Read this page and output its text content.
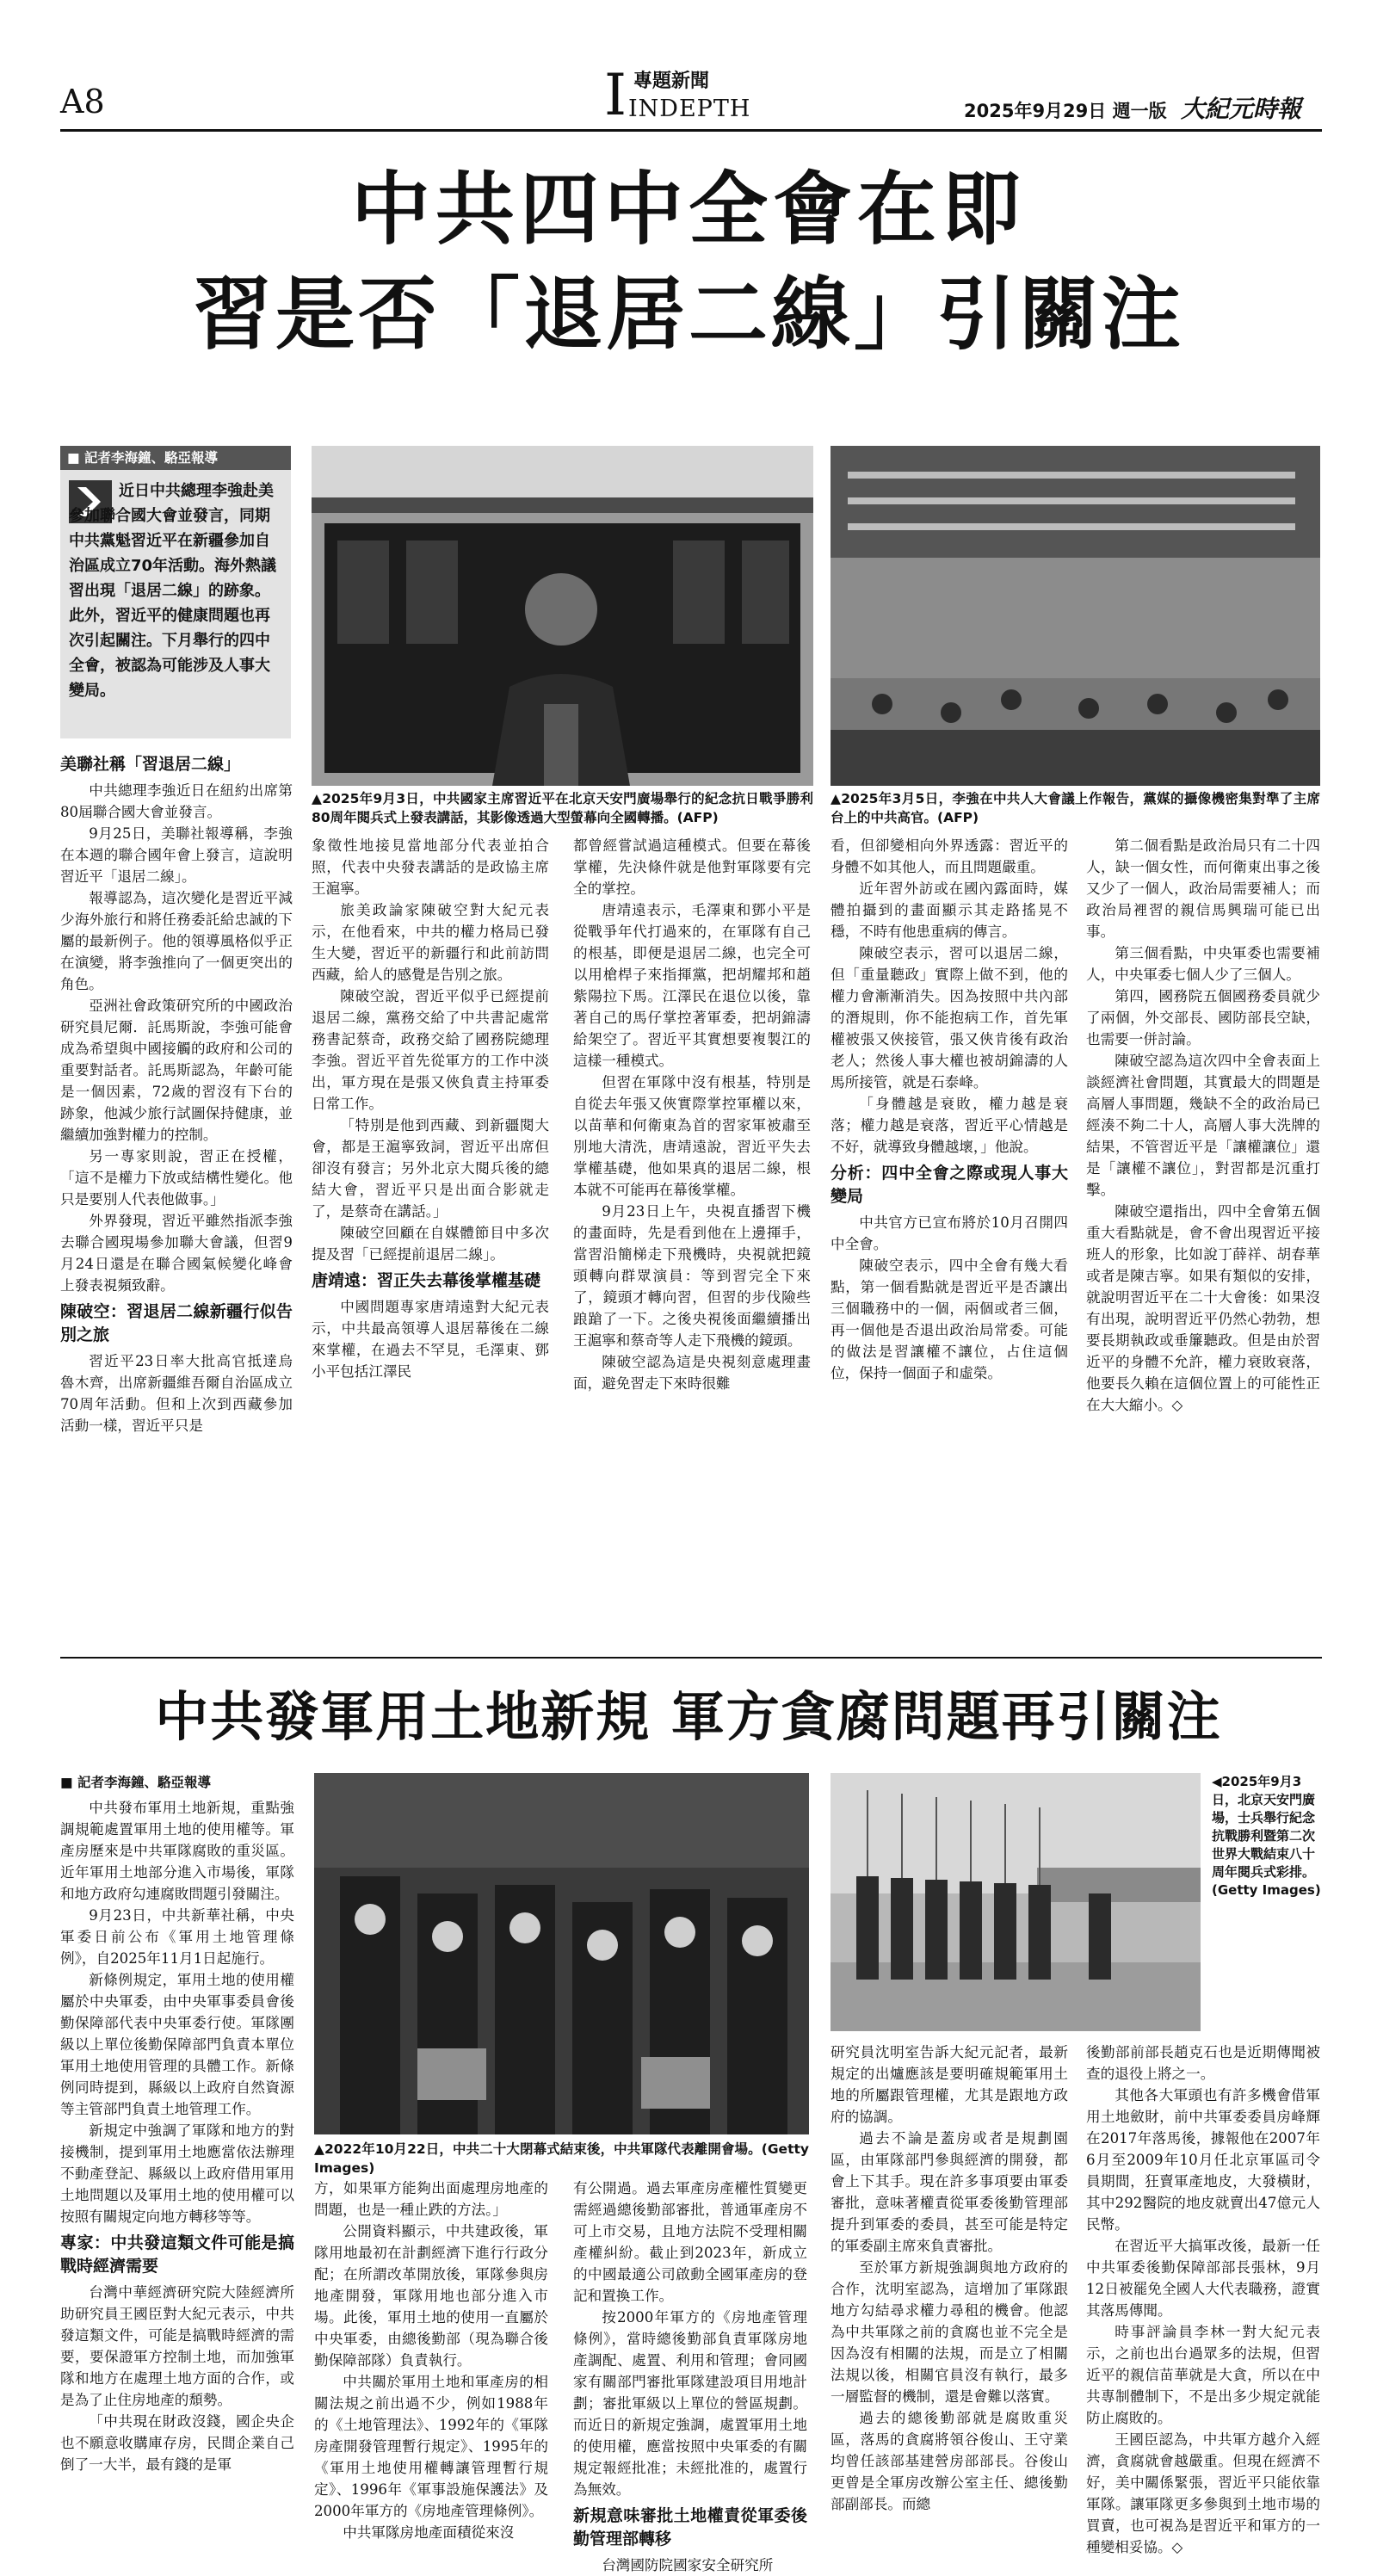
A8	I 專題新聞
INDEPTH	2025年9月29日 週一版 大紀元時報
中共四中全會在即
習是否「退居二線」引關注
■ 記者李海鐘、駱亞報導
近日中共總理李強赴美參加聯合國大會並發言，同期中共黨魁習近平在新疆參加自治區成立70年活動。海外熱議習出現「退居二線」的跡象。此外，習近平的健康問題也再次引起關注。下月舉行的四中全會，被認為可能涉及人事大變局。
▲2025年9月3日，中共國家主席習近平在北京天安門廣場舉行的紀念抗日戰爭勝利80周年閱兵式上發表講話，其影像透過大型螢幕向全國轉播。(AFP)
▲2025年3月5日，李強在中共人大會議上作報告，黨媒的攝像機密集對準了主席台上的中共高官。(AFP)
美聯社稱「習退居二線」

中共總理李強近日在紐約出席第80屆聯合國大會並發言。

9月25日，美聯社報導稱，李強在本週的聯合國年會上發言，這說明習近平「退居二線」。

報導認為，這次變化是習近平減少海外旅行和將任務委託給忠誠的下屬的最新例子。他的領導風格似乎正在演變，將李強推向了一個更突出的角色。

亞洲社會政策研究所的中國政治研究員尼爾．託馬斯說，李強可能會成為希望與中國接觸的政府和公司的重要對話者。託馬斯認為，年齡可能是一個因素，72歲的習沒有下台的跡象，他減少旅行試圖保持健康，並繼續加強對權力的控制。

另一專家則說，習正在授權，「這不是權力下放或結構性變化。他只是要別人代表他做事。」

外界發現，習近平雖然指派李強去聯合國現場參加聯大會議，但習9月24日還是在聯合國氣候變化峰會上發表視頻致辭。

陳破空：習退居二線新疆行似告別之旅

習近平23日率大批高官抵達烏魯木齊，出席新疆維吾爾自治區成立70周年活動。但和上次到西藏參加活動一樣，習近平只是

象徵性地接見當地部分代表並拍合照，代表中央發表講話的是政協主席王滬寧。

旅美政論家陳破空對大紀元表示，在他看來，中共的權力格局已發生大變，習近平的新疆行和此前訪問西藏，給人的感覺是告別之旅。

陳破空說，習近平似乎已經提前退居二線，黨務交給了中共書記處常務書記蔡奇，政務交給了國務院總理李強。習近平首先從軍方的工作中淡出，軍方現在是張又俠負責主持軍委日常工作。

「特別是他到西藏、到新疆閱大會，都是王滬寧致詞，習近平出席但卻沒有發言；另外北京大閱兵後的總結大會，習近平只是出面合影就走了，是蔡奇在講話。」

陳破空回顧在自媒體節目中多次提及習「已經提前退居二線」。

唐靖遠：習正失去幕後掌權基礎

中國問題專家唐靖遠對大紀元表示，中共最高領導人退居幕後在二線來掌權，在過去不罕見，毛澤東、鄧小平包括江澤民

都曾經嘗試過這種模式。但要在幕後掌權，先決條件就是他對軍隊要有完全的掌控。

唐靖遠表示，毛澤東和鄧小平是從戰爭年代打過來的，在軍隊有自己的根基，即便是退居二線，也完全可以用槍桿子來指揮黨，把胡耀邦和趙紫陽拉下馬。江澤民在退位以後，靠著自己的馬仔掌控著軍委，把胡錦濤給架空了。習近平其實想要複製江的這樣一種模式。

但習在軍隊中沒有根基，特別是自從去年張又俠實際掌控軍權以來，以苗華和何衛東為首的習家軍被肅至別地大清洗，唐靖遠說，習近平失去掌權基礎，他如果真的退居二線，根本就不可能再在幕後掌權。

9月23日上午，央視直播習下機的畫面時，先是看到他在上邊揮手，當習沿簡梯走下飛機時，央視就把鏡頭轉向群眾演員：等到習完全下來了，鏡頭才轉向習，但習的步伐險些踉蹌了一下。之後央視後面繼續播出王滬寧和蔡奇等人走下飛機的鏡頭。

陳破空認為這是央視刻意處理畫面，避免習走下來時很難

看，但卻變相向外界透露：習近平的身體不如其他人，而且問題嚴重。

近年習外訪或在國內露面時，媒體拍攝到的畫面顯示其走路搖晃不穩，不時有他患重病的傳言。

陳破空表示，習可以退居二線，但「重量聽政」實際上做不到，他的權力會漸漸消失。因為按照中共內部的潛規則，你不能抱病工作，首先軍權被張又俠接管，張又俠肯後有政治老人；然後人事大權也被胡錦濤的人馬所接管，就是石泰峰。

「身體越是衰敗，權力越是衰落；權力越是衰落，習近平心情越是不好，就導致身體越壞，」他說。

分析：四中全會之際或現人事大變局

中共官方已宣布將於10月召開四中全會。

陳破空表示，四中全會有幾大看點，第一個看點就是習近平是否讓出三個職務中的一個，兩個或者三個，再一個他是否退出政治局常委。可能的做法是習讓權不讓位，占住這個位，保持一個面子和虛榮。

第二個看點是政治局只有二十四人，缺一個女性，而何衛東出事之後又少了一個人，政治局需要補人；而政治局裡習的親信馬興瑞可能已出事。

第三個看點，中央軍委也需要補人，中央軍委七個人少了三個人。

第四，國務院五個國務委員就少了兩個，外交部長、國防部長空缺，也需要一併討論。

陳破空認為這次四中全會表面上談經濟社會問題，其實最大的問題是高層人事問題，幾缺不全的政治局已經湊不夠二十人，高層人事大洗牌的結果，不管習近平是「讓權讓位」還是「讓權不讓位」，對習都是沉重打擊。

陳破空還指出，四中全會第五個重大看點就是，會不會出現習近平接班人的形象，比如說丁薛祥、胡春華或者是陳吉寧。如果有類似的安排，就說明習近平在二十大會後：如果沒有出現，說明習近平仍然心勃勃，想要長期執政或垂簾聽政。但是由於習近平的身體不允許，權力衰敗衰落，他要長久賴在這個位置上的可能性正在大大縮小。◇

中共發軍用土地新規 軍方貪腐問題再引關注
■ 記者李海鐘、駱亞報導
▲2022年10月22日，中共二十大閉幕式結束後，中共軍隊代表離開會場。(Getty Images)
◀2025年9月3日，北京天安門廣場，士兵舉行紀念抗戰勝利暨第二次世界大戰結束八十周年閱兵式彩排。(Getty Images)

中共發布軍用土地新規，重點強調規範處置軍用土地的使用權等。軍產房歷來是中共軍隊腐敗的重災區。近年軍用土地部分進入市場後，軍隊和地方政府勾連腐敗問題引發關注。

9月23日，中共新華社稱，中央軍委日前公布《軍用土地管理條例》，自2025年11月1日起施行。

新條例規定，軍用土地的使用權屬於中央軍委，由中央軍事委員會後勤保障部代表中央軍委行使。軍隊團級以上單位後勤保障部門負責本單位軍用土地使用管理的具體工作。新條例同時提到，縣級以上政府自然資源等主管部門負責土地管理工作。

新規定中強調了軍隊和地方的對接機制，提到軍用土地應當依法辦理不動產登記、縣級以上政府借用軍用土地問題以及軍用土地的使用權可以按照有關規定向地方轉移等等。

專家：中共發這類文件可能是搞戰時經濟需要

台灣中華經濟研究院大陸經濟所助研究員王國臣對大紀元表示，中共發這類文件，可能是搞戰時經濟的需要，要保證軍方控制土地，而加強軍隊和地方在處理土地方面的合作，或是為了止住房地產的頹勢。

「中共現在財政沒錢，國企央企也不願意收購庫存房，民間企業自己倒了一大半，最有錢的是軍

方，如果軍方能夠出面處理房地產的問題，也是一種止跌的方法。」

公開資料顯示，中共建政後，軍隊用地最初在計劃經濟下進行行政分配；在所謂改革開放後，軍隊參與房地產開發，軍隊用地也部分進入市場。此後，軍用土地的使用一直屬於中央軍委，由總後勤部（現為聯合後勤保障部隊）負責執行。

中共關於軍用土地和軍產房的相關法規之前出過不少，例如1988年的《土地管理法》、1992年的《軍隊房產開發管理暫行規定》、1995年的《軍用土地使用權轉讓管理暫行規定》、1996年《軍事設施保護法》及2000年軍方的《房地產管理條例》。

中共軍隊房地產面積從來沒

有公開過。過去軍產房產權性質變更需經過總後勤部審批，普通軍產房不可上市交易，且地方法院不受理相關產權糾紛。截止到2023年，新成立的中國最適公司啟動全國軍產房的登記和置換工作。

按2000年軍方的《房地產管理條例》，當時總後勤部負責軍隊房地產調配、處置、利用和管理；會同國家有關部門審批軍隊建設項目用地計劃；審批軍級以上單位的營區規劃。而近日的新規定強調，處置軍用土地的使用權，應當按照中央軍委的有關規定報經批准；未經批准的，處置行為無效。

新規意味審批土地權責從軍委後勤管理部轉移

台灣國防院國家安全研究所

研究員沈明室告訴大紀元記者，最新規定的出爐應該是要明確規範軍用土地的所屬跟管理權，尤其是跟地方政府的協調。

過去不論是蓋房或者是規劃園區，由軍隊部門參與經濟的開發，都會上下其手。現在許多事項要由軍委審批，意味著權責從軍委後勤管理部提升到軍委的委員，甚至可能是特定的軍委副主席來負責審批。

至於軍方新規強調與地方政府的合作，沈明室認為，這增加了軍隊跟地方勾結尋求權力尋租的機會。他認為中共軍隊之前的貪腐也並不完全是因為沒有相關的法規，而是立了相關法規以後，相關官員沒有執行，最多一層監督的機制，還是會難以落實。

過去的總後勤部就是腐敗重災區，落馬的貪腐將領谷俊山、王守業均曾任該部基建營房部部長。谷俊山更曾是全軍房改辦公室主任、總後勤部副部長。而總

後勤部前部長趙克石也是近期傳聞被查的退役上將之一。

其他各大軍頭也有許多機會借軍用土地斂財，前中共軍委委員房峰輝在2017年落馬後，據報他在2007年6月至2009年10月任北京軍區司令員期間，狂賣軍產地皮，大發橫財，其中292醫院的地皮就賣出47億元人民幣。

在習近平大搞軍改後，最新一任中共軍委後勤保障部部長張林，9月12日被罷免全國人大代表職務，證實其落馬傳聞。

時事評論員李林一對大紀元表示，之前也出台過眾多的法規，但習近平的親信苗華就是大貪，所以在中共專制體制下，不是出多少規定就能防止腐敗的。

王國臣認為，中共軍方越介入經濟，貪腐就會越嚴重。但現在經濟不好，美中關係緊張，習近平只能依靠軍隊。讓軍隊更多參與到土地市場的買賣，也可視為是習近平和軍方的一種變相妥協。◇
